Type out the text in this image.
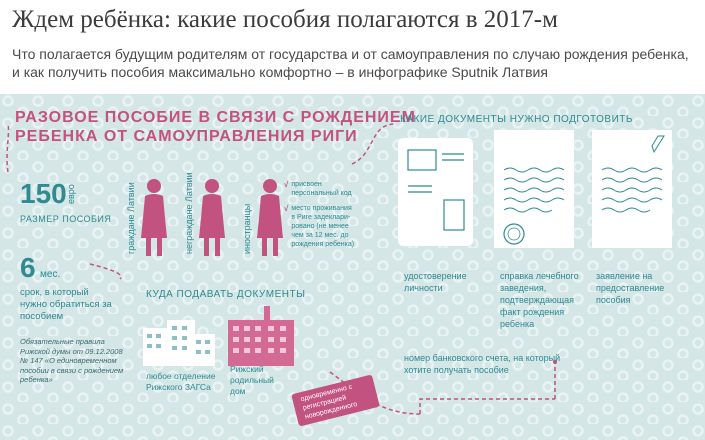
Ждем ребёнка: какие пособия полагаются в 2017-м
Что полагается будущим родителям от государства и от самоуправления по случаю рождения ребенка, и как получить пособия максимально комфортно – в инфографике Sputnik Латвия
РАЗОВОЕ ПОСОБИЕ В СВЯЗИ С РОЖДЕНИЕМ
РЕБЕНКА ОТ САМОУПРАВЛЕНИЯ РИГИ
150 евро
РАЗМЕР ПОСОБИЯ
6 мес.
срок, в который нужно обратиться за пособием
Обязательные правила Рижской думы от 09.12.2008 № 147 «О единовременном пособии в связи с рождением ребенка»
граждане Латвии	неграждане Латвии	иностранцы
√ присвоен персональный код
√ место проживания в Риге задеклари-ровано (не менее чем за 12 мес. до рождения ребенка)
КУДА ПОДАВАТЬ ДОКУМЕНТЫ
любое отделение Рижского ЗАГСа
Рижский родильный дом	одновременно с регистрацией новорожденного
КАКИЕ ДОКУМЕНТЫ НУЖНО ПОДГОТОВИТЬ
удостоверение личности
справка лечебного заведения, подтверждающая факт рождения ребенка
заявление на предоставление пособия
номер банковского счета, на который хотите получать пособие
